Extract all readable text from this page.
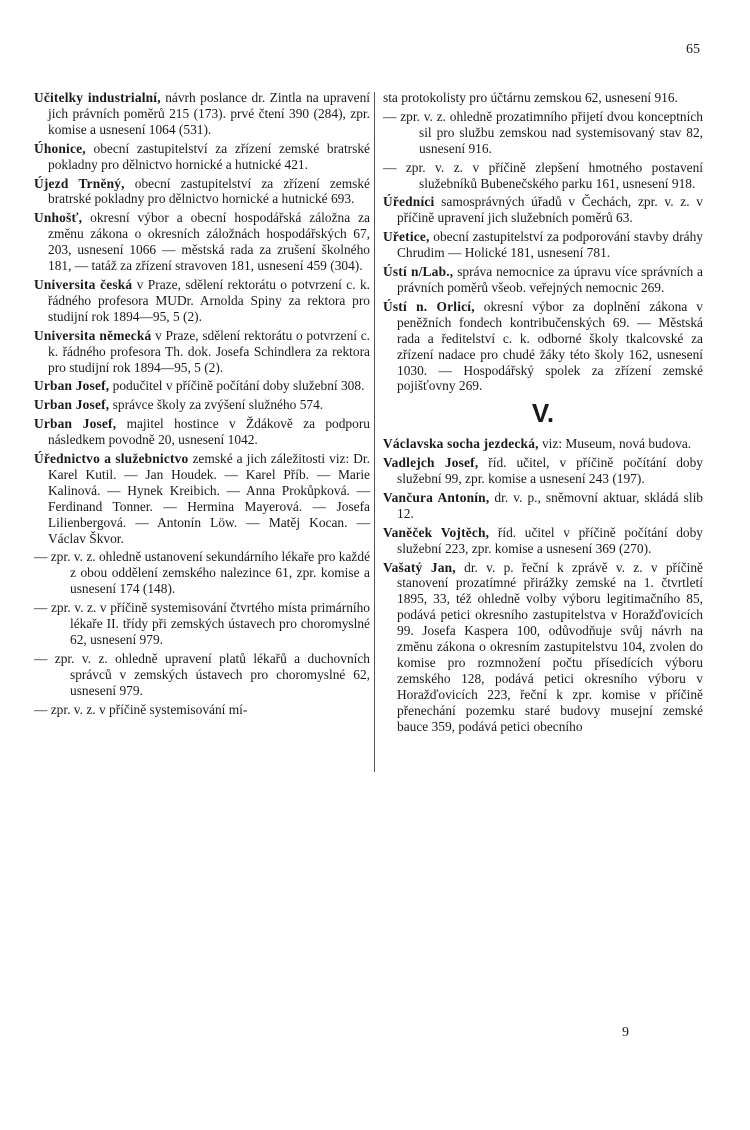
65

Učitelky industrialní, návrh poslance dr. Zintla na upravení jich právních poměrů 215 (173). prvé čtení 390 (284), zpr. komise a usnesení 1064 (531).

Úhonice, obecní zastupitelství za zřízení zemské bratrské pokladny pro dělnictvo hornické a hutnické 421.

Újezd Trněný, obecní zastupitelství za zřízení zemské bratrské pokladny pro dělnictvo hornické a hutnické 693.

Unhošť, okresní výbor a obecní hospodářská záložna za změnu zákona o okresních záložnách hospodářských 67, 203, usnesení 1066 — městská rada za zrušení školného 181, — tatáž za zřízení stravoven 181, usnesení 459 (304).

Universita česká v Praze, sdělení rektorátu o potvrzení c. k. řádného profesora MUDr. Arnolda Spiny za rektora pro studijní rok 1894—95, 5 (2).

Universita německá v Praze, sdělení rektorátu o potvrzení c. k. řádného profesora Th. dok. Josefa Schindlera za rektora pro studijní rok 1894—95, 5 (2).

Urban Josef, podučitel v příčině počítání doby služební 308.

Urban Josef, správce školy za zvýšení služného 574.

Urban Josef, majitel hostince v Ždákově za podporu následkem povodně 20, usnesení 1042.

Úřednictvo a služebnictvo zemské a jich záležitosti viz: Dr. Karel Kutil. — Jan Houdek. — Karel Příb. — Marie Kalinová. — Hynek Kreibich. — Anna Prokůpková. — Ferdinand Tonner. — Hermina Mayerová. — Josefa Lilienbergová. — Antonín Löw. — Matěj Kocan. — Václav Škvor.

— zpr. v. z. ohledně ustanovení sekundárního lékaře pro každé z obou oddělení zemského nalezince 61, zpr. komise a usnesení 174 (148).

— zpr. v. z. v příčině systemisování čtvrtého místa primárního lékaře II. třídy při zemských ústavech pro choromyslné 62, usnesení 979.

— zpr. v. z. ohledně upravení platů lékařů a duchovních správců v zemských ústavech pro choromyslné 62, usnesení 979.

— zpr. v. z. v příčině systemisování mí-

sta protokolisty pro účtárnu zemskou 62, usnesení 916.

— zpr. v. z. ohledně prozatimního přijetí dvou konceptních sil pro službu zemskou nad systemisovaný stav 82, usnesení 916.

— zpr. v. z. v příčině zlepšení hmotného postavení služebníků Bubenečského parku 161, usnesení 918.

Úředníci samosprávných úřadů v Čechách, zpr. v. z. v příčině upravení jich služebních poměrů 63.

Uřetice, obecní zastupitelství za podporování stavby dráhy Chrudim — Holické 181, usnesení 781.

Ústí n/Lab., správa nemocnice za úpravu více správních a právních poměrů všeob. veřejných nemocnic 269.

Ústí n. Orlicí, okresní výbor za doplnění zákona v peněžních fondech kontribučenských 69. — Městská rada a ředitelství c. k. odborné školy tkalcovské za zřízení nadace pro chudé žáky této školy 162, usnesení 1030. — Hospodářský spolek za zřízení zemské pojišťovny 269.

V.

Václavska socha jezdecká, viz: Museum, nová budova.

Vadlejch Josef, říd. učitel, v příčině počítání doby služební 99, zpr. komise a usnesení 243 (197).

Vančura Antonín, dr. v. p., sněmovní aktuar, skládá slib 12.

Vaněček Vojtěch, říd. učitel v příčině počítání doby služební 223, zpr. komise a usnesení 369 (270).

Vašatý Jan, dr. v. p. řeční k zprávě v. z. v příčině stanovení prozatímné přirážky zemské na 1. čtvrtletí 1895, 33, též ohledně volby výboru legitimačního 85, podává petici okresního zastupitelstva v Horažďovicích 99. Josefa Kaspera 100, odůvodňuje svůj návrh na změnu zákona o okresním zastupitelstvu 104, zvolen do komise pro rozmnožení počtu přísedících výboru zemského 128, podává petici okresního výboru v Horažďovicích 223, řeční k zpr. komise v příčině přenechání pozemku staré budovy musejní zemské bauce 359, podává petici obecního

9
